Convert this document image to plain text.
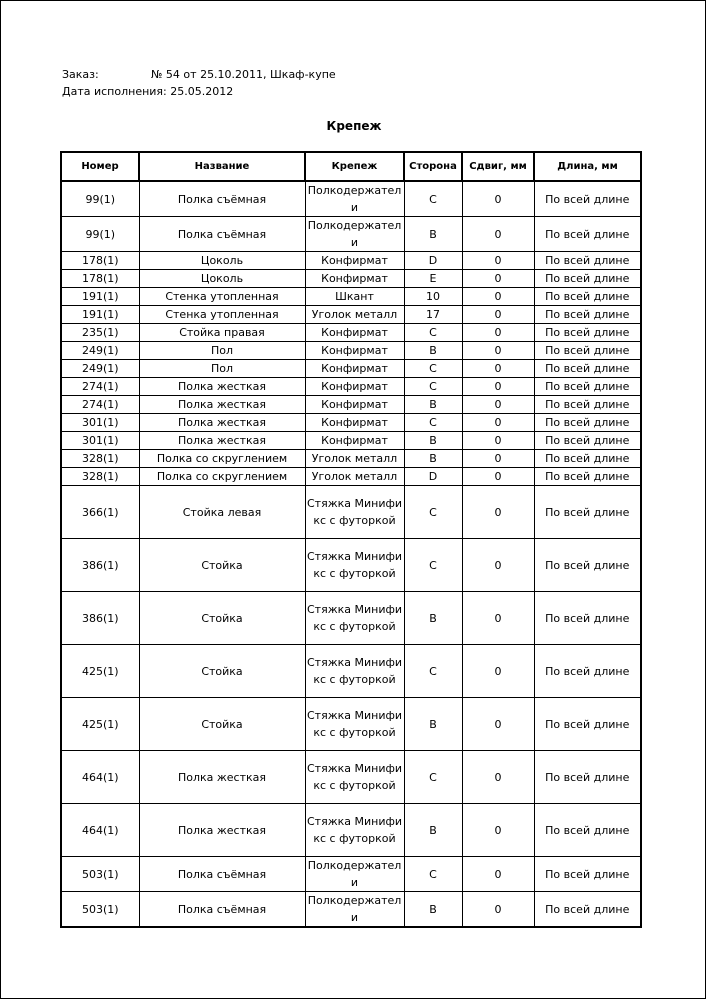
Заказ:	№ 54 от 25.10.2011, Шкаф-купе
Дата исполнения: 25.05.2012
Крепеж
Номер	Название	Крепеж	Сторона	Сдвиг, мм	Длина, мм
99(1)	Полка съёмная	Полкодержатели	C	0	По всей длине
99(1)	Полка съёмная	Полкодержатели	B	0	По всей длине
178(1)	Цоколь	Конфирмат	D	0	По всей длине
178(1)	Цоколь	Конфирмат	E	0	По всей длине
191(1)	Стенка утопленная	Шкант	10	0	По всей длине
191(1)	Стенка утопленная	Уголок металл	17	0	По всей длине
235(1)	Стойка правая	Конфирмат	C	0	По всей длине
249(1)	Пол	Конфирмат	B	0	По всей длине
249(1)	Пол	Конфирмат	C	0	По всей длине
274(1)	Полка жесткая	Конфирмат	C	0	По всей длине
274(1)	Полка жесткая	Конфирмат	B	0	По всей длине
301(1)	Полка жесткая	Конфирмат	C	0	По всей длине
301(1)	Полка жесткая	Конфирмат	B	0	По всей длине
328(1)	Полка со скруглением	Уголок металл	B	0	По всей длине
328(1)	Полка со скруглением	Уголок металл	D	0	По всей длине
366(1)	Стойка левая	Стяжка Минификс с футоркой	C	0	По всей длине
386(1)	Стойка	Стяжка Минификс с футоркой	C	0	По всей длине
386(1)	Стойка	Стяжка Минификс с футоркой	B	0	По всей длине
425(1)	Стойка	Стяжка Минификс с футоркой	C	0	По всей длине
425(1)	Стойка	Стяжка Минификс с футоркой	B	0	По всей длине
464(1)	Полка жесткая	Стяжка Минификс с футоркой	C	0	По всей длине
464(1)	Полка жесткая	Стяжка Минификс с футоркой	B	0	По всей длине
503(1)	Полка съёмная	Полкодержатели	C	0	По всей длине
503(1)	Полка съёмная	Полкодержатели	B	0	По всей длине
